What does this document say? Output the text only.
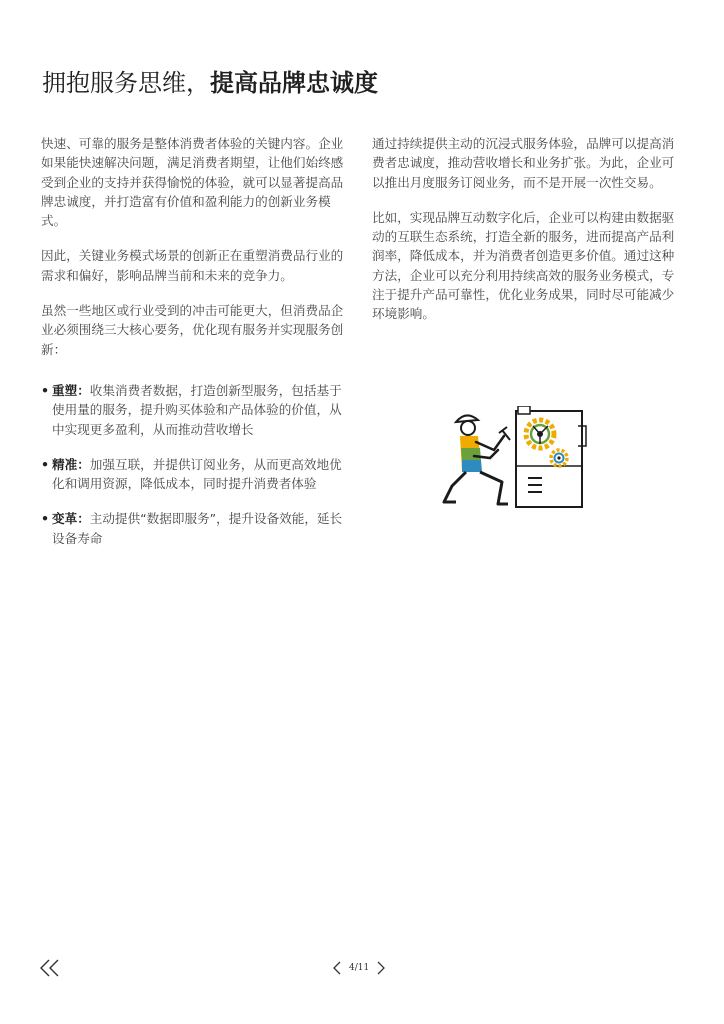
拥抱服务思维，提高品牌忠诚度

快速、可靠的服务是整体消费者体验的关键内容。企业如果能快速解决问题，满足消费者期望，让他们始终感受到企业的支持并获得愉悦的体验，就可以显著提高品牌忠诚度，并打造富有价值和盈利能力的创新业务模式。

因此，关键业务模式场景的创新正在重塑消费品行业的需求和偏好，影响品牌当前和未来的竞争力。

虽然一些地区或行业受到的冲击可能更大，但消费品企业必须围绕三大核心要务，优化现有服务并实现服务创新：

• 重塑：收集消费者数据，打造创新型服务，包括基于使用量的服务，提升购买体验和产品体验的价值，从中实现更多盈利，从而推动营收增长
• 精准：加强互联，并提供订阅业务，从而更高效地优化和调用资源，降低成本，同时提升消费者体验
• 变革：主动提供“数据即服务”，提升设备效能，延长设备寿命

通过持续提供主动的沉浸式服务体验，品牌可以提高消费者忠诚度，推动营收增长和业务扩张。为此，企业可以推出月度服务订阅业务，而不是开展一次性交易。

比如，实现品牌互动数字化后，企业可以构建由数据驱动的互联生态系统，打造全新的服务，进而提高产品利润率，降低成本，并为消费者创造更多价值。通过这种方法，企业可以充分利用持续高效的服务业务模式，专注于提升产品可靠性，优化业务成果，同时尽可能减少环境影响。

4/11
